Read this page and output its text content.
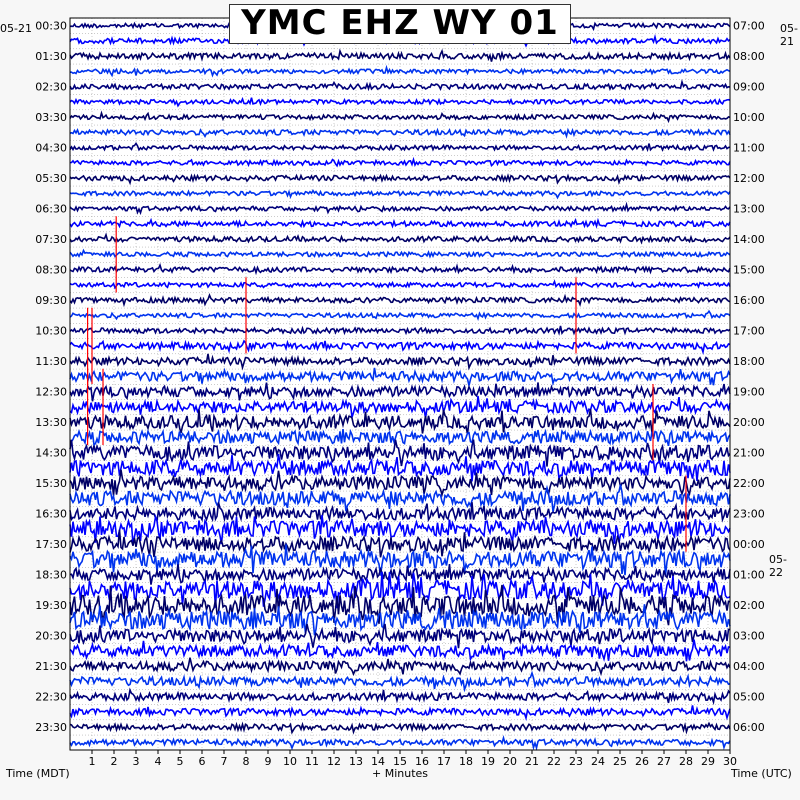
1 2 3 4 5 6 7 8 9 10 11 12 13 14 15 16 17 18 19 20 21 22 23 24 25 26 27 28 29 30
00:30
01:30
02:30
03:30
04:30
05:30
06:30
07:30
08:30
09:30
10:30
11:30
12:30
13:30
14:30
15:30
16:30
17:30
18:30
19:30
20:30
21:30
22:30
23:30
07:00
08:00
09:00
10:00
11:00
12:00
13:00
14:00
15:00
16:00
17:00
18:00
19:00
20:00
21:00
22:00
23:00
00:00
01:00
02:00
03:00
04:00
05:00
06:00
YMC EHZ WY 01
Time (MDT)	+ Minutes	Time (UTC)
05-21	05-21
05-22
